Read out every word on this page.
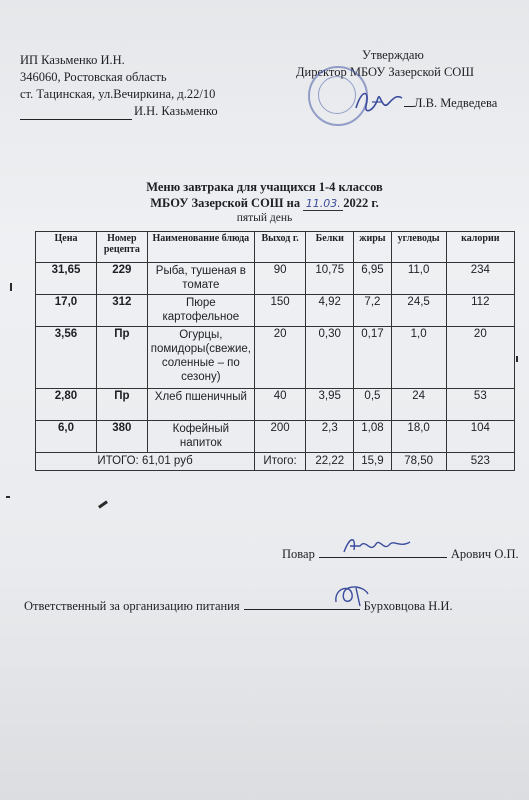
ИП Казьменко И.Н.
346060, Ростовская область
ст. Тацинская, ул.Вечиркина, д.22/10
И.Н. Казьменко
Утверждаю
Директор МБОУ Зазерской СОШ
Л.В. Медведева
Меню завтрака для учащихся 1-4 классов
МБОУ Зазерской СОШ на 11.03. 2022 г.
пятый день
Цена	Номер рецепта	Наименование блюда	Выход г.	Белки	жиры	углеводы	калории
31,65	229	Рыба, тушеная в томате	90	10,75	6,95	11,0	234
17,0	312	Пюре картофельное	150	4,92	7,2	24,5	112
3,56	Пр	Огурцы, помидоры(свежие, соленные – по сезону)	20	0,30	0,17	1,0	20
2,80	Пр	Хлеб пшеничный	40	3,95	0,5	24	53
6,0	380	Кофейный напиток	200	2,3	1,08	18,0	104
ИТОГО: 61,01 руб			Итого:	22,22	15,9	78,50	523
Повар	Арович О.П.
Ответственный за организацию питания	Бурховцова Н.И.
